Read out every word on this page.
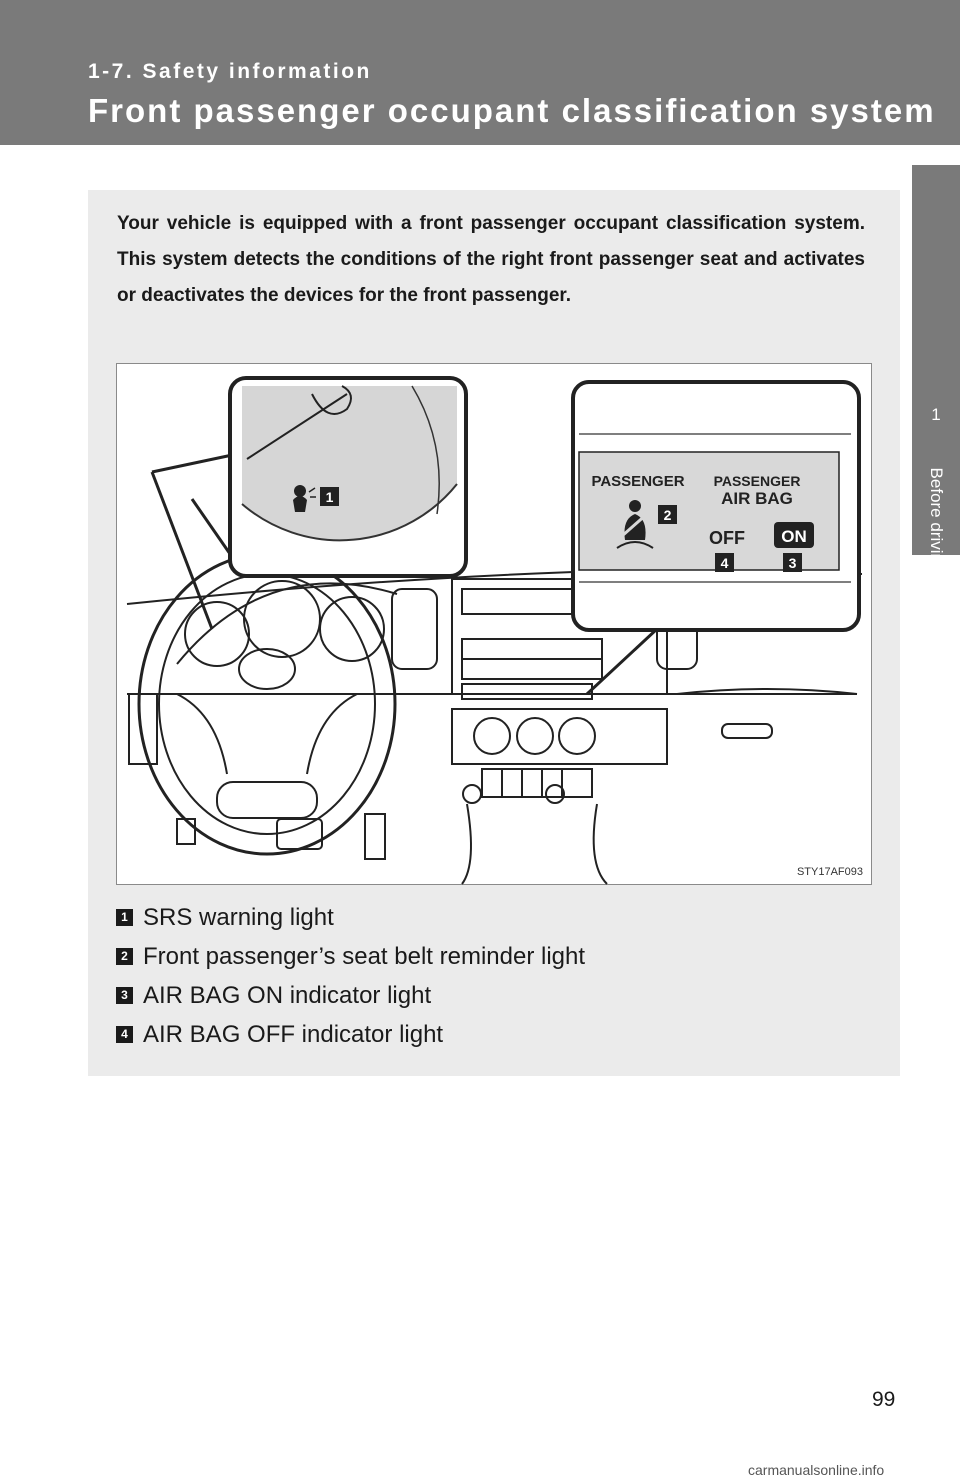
1-7. Safety information
Front passenger occupant classification system
1
Before driving

Your vehicle is equipped with a front passenger occupant classification system. This system detects the conditions of the right front passenger seat and activates or deactivates the devices for the front passenger.

1
PASSENGER PASSENGER
AIR BAG
2
OFF ON
4	3
STY17AF093
1 SRS warning light
2 Front passenger’s seat belt reminder light
3 AIR BAG ON indicator light
4 AIR BAG OFF indicator light
99
carmanualsonline.info
